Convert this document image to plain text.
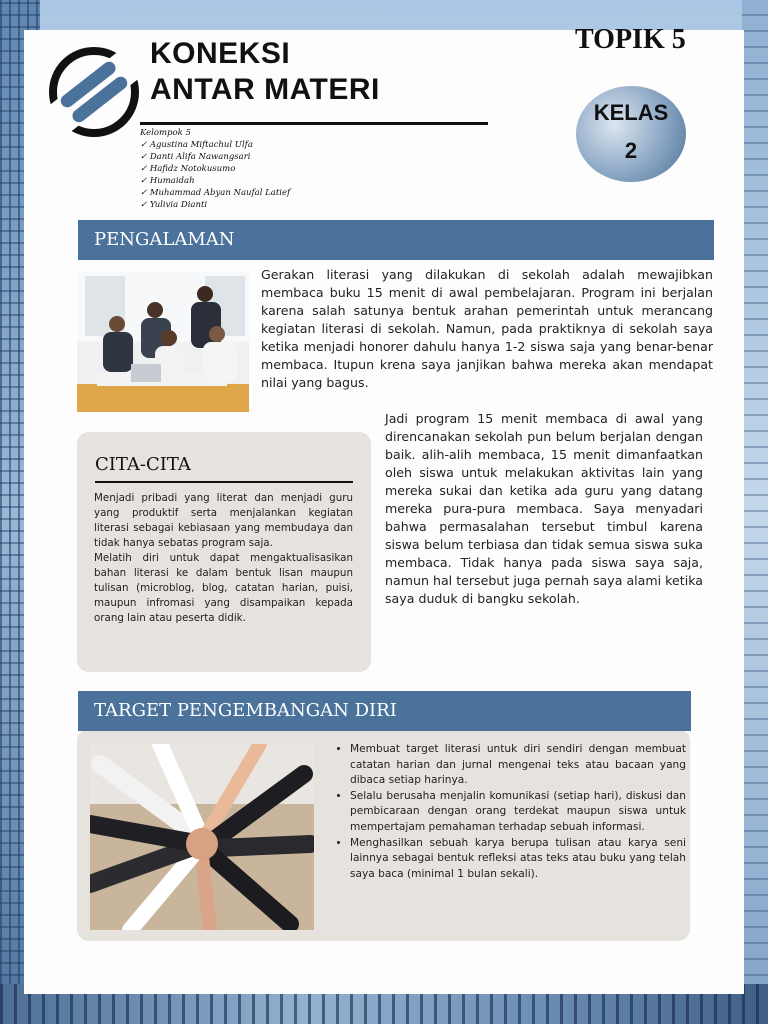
KONEKSI
ANTAR MATERI
Kelompok 5
✓ Agustina Miftachul Ulfa
✓ Danti Alifa Nawangsari
✓ Hafidz Notokusumo
✓ Humaidah
✓ Muhammad Abyan Naufal Latief
✓ Yulivia Dianti
TOPIK 5
KELAS
2
PENGALAMAN
Gerakan literasi yang dilakukan di sekolah adalah mewajibkan membaca buku 15 menit di awal pembelajaran. Program ini berjalan karena salah satunya bentuk arahan pemerintah untuk merancang kegiatan literasi di sekolah. Namun, pada praktiknya di sekolah saya ketika menjadi honorer dahulu hanya 1-2 siswa saja yang benar-benar membaca. Itupun krena saya janjikan bahwa mereka akan mendapat nilai yang bagus.
Jadi program 15 menit membaca di awal yang direncanakan sekolah pun belum berjalan dengan baik. alih-alih membaca, 15 menit dimanfaatkan oleh siswa untuk melakukan aktivitas lain yang mereka sukai dan ketika ada guru yang datang mereka pura-pura membaca. Saya menyadari bahwa permasalahan tersebut timbul karena siswa belum terbiasa dan tidak semua siswa suka membaca. Tidak hanya pada siswa saya saja, namun hal tersebut juga pernah saya alami ketika saya duduk di bangku sekolah.
CITA-CITA
Menjadi pribadi yang literat dan menjadi guru yang produktif serta menjalankan kegiatan literasi sebagai kebiasaan yang membudaya dan tidak hanya sebatas program saja.
Melatih diri untuk dapat mengaktualisasikan bahan literasi ke dalam bentuk lisan maupun tulisan (microblog, blog, catatan harian, puisi, maupun infromasi yang disampaikan kepada orang lain atau peserta didik.
TARGET PENGEMBANGAN DIRI
• Membuat target literasi untuk diri sendiri dengan membuat catatan harian dan jurnal mengenai teks atau bacaan yang dibaca setiap harinya.
• Selalu berusaha menjalin komunikasi (setiap hari), diskusi dan pembicaraan dengan orang terdekat maupun siswa untuk mempertajam pemahaman terhadap sebuah informasi.
• Menghasilkan sebuah karya berupa tulisan atau karya seni lainnya sebagai bentuk refleksi atas teks atau buku yang telah saya baca (minimal 1 bulan sekali).
